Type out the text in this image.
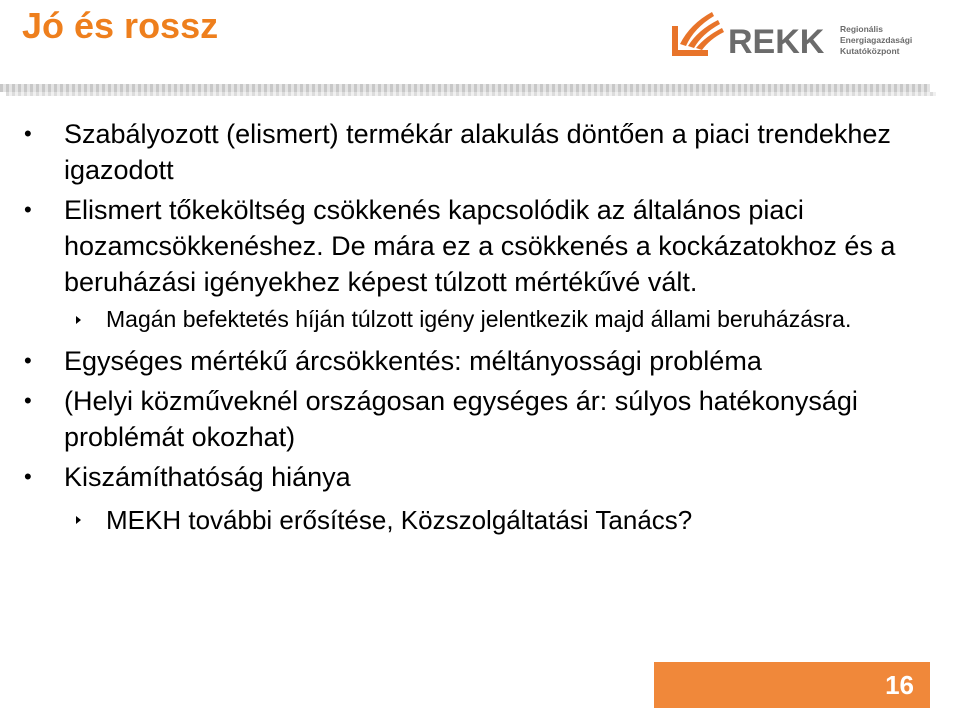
Jó és rossz	REKK Regionális
Energiagazdasági
Kutatóközpont
•	Szabályozott (elismert) termékár alakulás döntően a piaci trendekhez igazodott
•	Elismert tőkeköltség csökkenés kapcsolódik az általános piaci hozamcsökkenéshez. De mára ez a csökkenés a kockázatokhoz és a beruházási igényekhez képest túlzott mértékűvé vált.
Magán befektetés híján túlzott igény jelentkezik majd állami beruházásra.
•	Egységes mértékű árcsökkentés: méltányossági probléma
•	(Helyi közműveknél országosan egységes ár: súlyos hatékonysági problémát okozhat)
•	Kiszámíthatóság hiánya
MEKH további erősítése, Közszolgáltatási Tanács?
16
